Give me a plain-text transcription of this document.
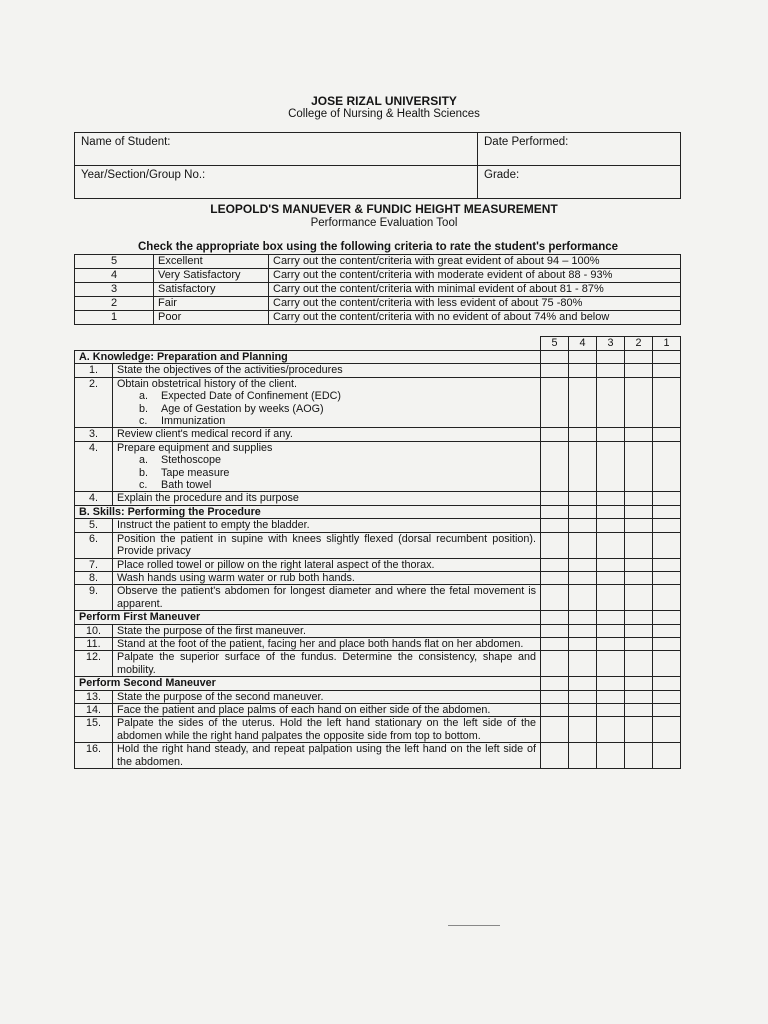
JOSE RIZAL UNIVERSITY
College of Nursing & Health Sciences
Name of Student:	Date Performed:
Year/Section/Group No.:	Grade:
LEOPOLD'S MANUEVER & FUNDIC HEIGHT MEASUREMENT
Performance Evaluation Tool
Check the appropriate box using the following criteria to rate the student's performance
5	Excellent	Carry out the content/criteria with great evident of about 94 – 100%
4	Very Satisfactory	Carry out the content/criteria with moderate evident of about 88 - 93%
3	Satisfactory	Carry out the content/criteria with minimal evident of about 81 - 87%
2	Fair	Carry out the content/criteria with less evident of about 75 -80%
1	Poor	Carry out the content/criteria with no evident of about 74% and below
		5	4	3	2	1
A. Knowledge: Preparation and Planning						
1.	State the objectives of the activities/procedures					
2.	Obtain obstetrical history of the client.
a. Expected Date of Confinement (EDC)
b. Age of Gestation by weeks (AOG)
c. Immunization					

3.	Review client's medical record if any.					
4.	Prepare equipment and supplies
a. Stethoscope
b. Tape measure
c. Bath towel					

4.	Explain the procedure and its purpose					
B. Skills: Performing the Procedure						
5.	Instruct the patient to empty the bladder.					
6.	Position the patient in supine with knees slightly flexed (dorsal recumbent position). Provide privacy					
7.	Place rolled towel or pillow on the right lateral aspect of the thorax.					
8.	Wash hands using warm water or rub both hands.					
9.	Observe the patient's abdomen for longest diameter and where the fetal movement is apparent.					
Perform First Maneuver						
10.	State the purpose of the first maneuver.					
11.	Stand at the foot of the patient, facing her and place both hands flat on her abdomen.					
12.	Palpate the superior surface of the fundus. Determine the consistency, shape and mobility.					
Perform Second Maneuver						
13.	State the purpose of the second maneuver.					
14.	Face the patient and place palms of each hand on either side of the abdomen.					
15.	Palpate the sides of the uterus. Hold the left hand stationary on the left side of the abdomen while the right hand palpates the opposite side from top to bottom.					
16.	Hold the right hand steady, and repeat palpation using the left hand on the left side of the abdomen.					
